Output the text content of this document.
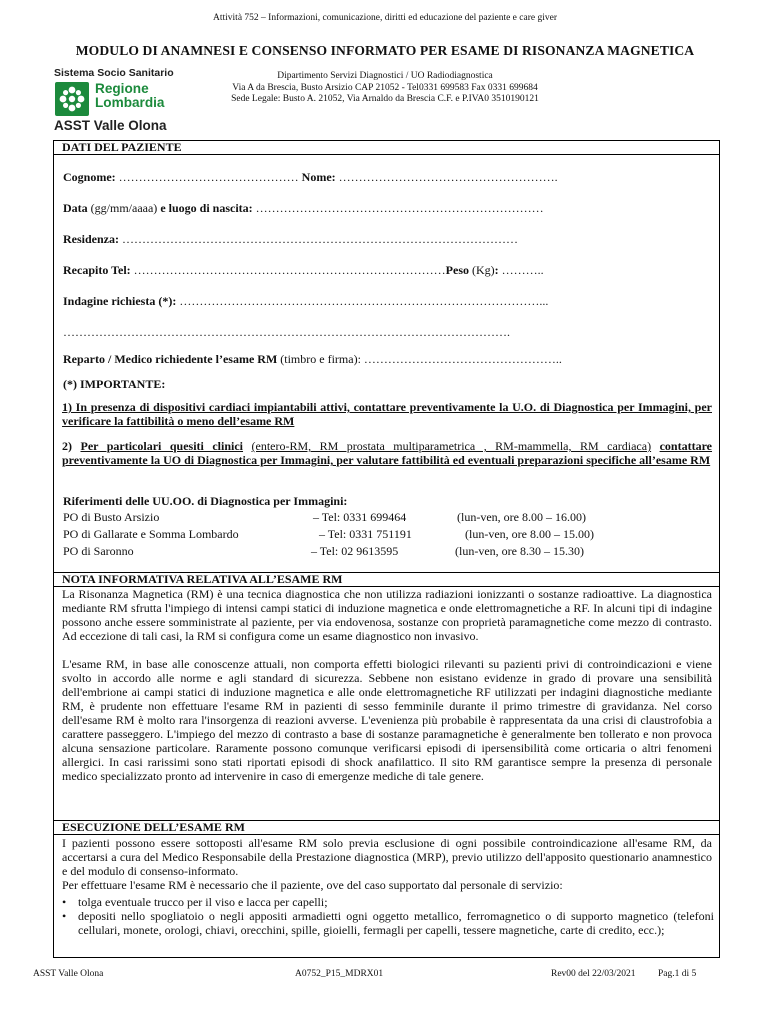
Attività 752 – Informazioni, comunicazione, diritti ed educazione del paziente e care giver
MODULO DI ANAMNESI E CONSENSO INFORMATO PER ESAME DI RISONANZA MAGNETICA
Sistema Socio Sanitario
Regione
Lombardia
ASST Valle Olona
Dipartimento Servizi Diagnostici / UO Radiodiagnostica
Via A da Brescia, Busto Arsizio CAP 21052 - Tel0331 699583 Fax 0331 699684
Sede Legale: Busto A. 21052, Via Arnaldo da Brescia C.F. e P.IVA0 3510190121
DATI DEL PAZIENTE
Cognome: ……………………………………… Nome: ……………………………………………….
Data (gg/mm/aaaa) e luogo di nascita: ………………………………………………………………
Residenza: ………………………………………………………………………………………
Recapito Tel: ……………………………………………………………………Peso (Kg): ………..
Indagine richiesta (*): ………………………………………………………………………………...
………………………………………………………………………………………………….
Reparto / Medico richiedente l’esame RM (timbro e firma): …………………………………………..
(*) IMPORTANTE:
1) In presenza di dispositivi cardiaci impiantabili attivi, contattare preventivamente la U.O. di Diagnostica per Immagini, per verificare la fattibilità o meno dell’esame RM
2) Per particolari quesiti clinici (entero-RM, RM prostata multiparametrica , RM-mammella, RM cardiaca) contattare preventivamente la UO di Diagnostica per Immagini, per valutare fattibilità ed eventuali preparazioni specifiche all’esame RM
Riferimenti delle UU.OO. di Diagnostica per Immagini:
PO di Busto Arsizio	– Tel: 0331 699464	(lun-ven, ore 8.00 – 16.00)
PO di Gallarate e Somma Lombardo	– Tel: 0331 751191	(lun-ven, ore 8.00 – 15.00)
PO di Saronno	– Tel: 02 9613595	(lun-ven, ore 8.30 – 15.30)
NOTA INFORMATIVA RELATIVA ALL’ESAME RM
La Risonanza Magnetica (RM) è una tecnica diagnostica che non utilizza radiazioni ionizzanti o sostanze radioattive. La diagnostica mediante RM sfrutta l'impiego di intensi campi statici di induzione magnetica e onde elettromagnetiche a RF. In alcuni tipi di indagine possono anche essere somministrate al paziente, per via endovenosa, sostanze con proprietà paramagnetiche come mezzo di contrasto. Ad eccezione di tali casi, la RM si configura come un esame diagnostico non invasivo.
L'esame RM, in base alle conoscenze attuali, non comporta effetti biologici rilevanti su pazienti privi di controindicazioni e viene svolto in accordo alle norme e agli standard di sicurezza. Sebbene non esistano evidenze in grado di provare una sensibilità dell'embrione ai campi statici di induzione magnetica e alle onde elettromagnetiche RF utilizzati per indagini diagnostiche mediante RM, è prudente non effettuare l'esame RM in pazienti di sesso femminile durante il primo trimestre di gravidanza. Nel corso dell'esame RM è molto rara l'insorgenza di reazioni avverse. L'evenienza più probabile è rappresentata da una crisi di claustrofobia a carattere passeggero. L'impiego del mezzo di contrasto a base di sostanze paramagnetiche è generalmente ben tollerato e non provoca alcuna sensazione particolare. Raramente possono comunque verificarsi episodi di ipersensibilità come orticaria o altri fenomeni allergici. In casi rarissimi sono stati riportati episodi di shock anafilattico. Il sito RM garantisce sempre la presenza di personale medico specializzato pronto ad intervenire in caso di emergenze mediche di tale genere.
ESECUZIONE DELL’ESAME RM
I pazienti possono essere sottoposti all'esame RM solo previa esclusione di ogni possibile controindicazione all'esame RM, da accertarsi a cura del Medico Responsabile della Prestazione diagnostica (MRP), previo utilizzo dell'apposito questionario anamnestico e del modulo di consenso-informato.
Per effettuare l'esame RM è necessario che il paziente, ove del caso supportato dal personale di servizio:
• tolga eventuale trucco per il viso e lacca per capelli;
• depositi nello spogliatoio o negli appositi armadietti ogni oggetto metallico, ferromagnetico o di supporto magnetico (telefoni cellulari, monete, orologi, chiavi, orecchini, spille, gioielli, fermagli per capelli, tessere magnetiche, carte di credito, ecc.);
ASST Valle Olona	A0752_P15_MDRX01	Rev00 del 22/03/2021 Pag.1 di 5
